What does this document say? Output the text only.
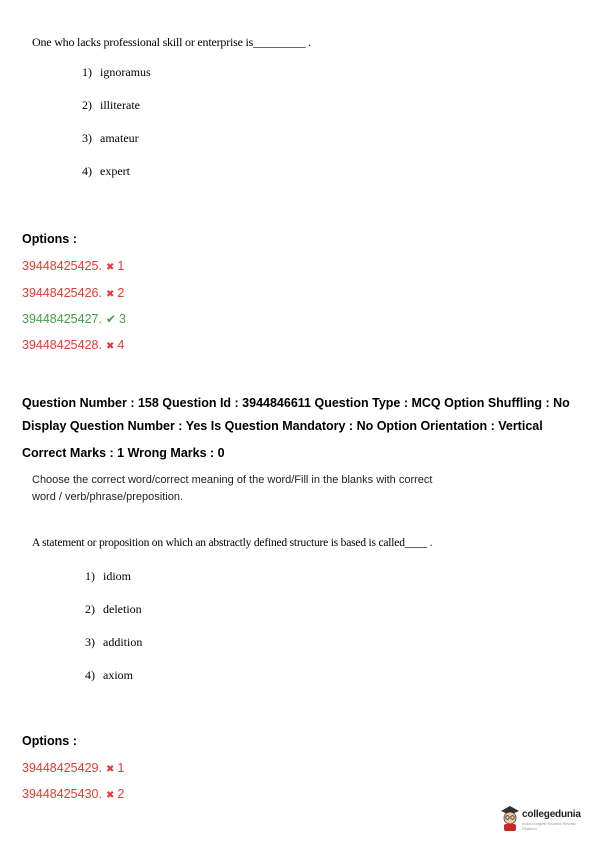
One who lacks professional skill or enterprise is_________ .
1) ignoramus
2) illiterate
3) amateur
4) expert
Options :
39448425425. ✖ 1
39448425426. ✖ 2
39448425427. ✔ 3
39448425428. ✖ 4
Question Number : 158 Question Id : 3944846611 Question Type : MCQ Option Shuffling : No
Display Question Number : Yes Is Question Mandatory : No Option Orientation : Vertical
Correct Marks : 1 Wrong Marks : 0
Choose the correct word/correct meaning of the word/Fill in the blanks with correct word / verb/phrase/preposition.
A statement or proposition on which an abstractly defined structure is based is called____ .
1) idiom
2) deletion
3) addition
4) axiom
Options :
39448425429. ✖ 1
39448425430. ✖ 2
collegedunia
India's largest Student Review Platform
